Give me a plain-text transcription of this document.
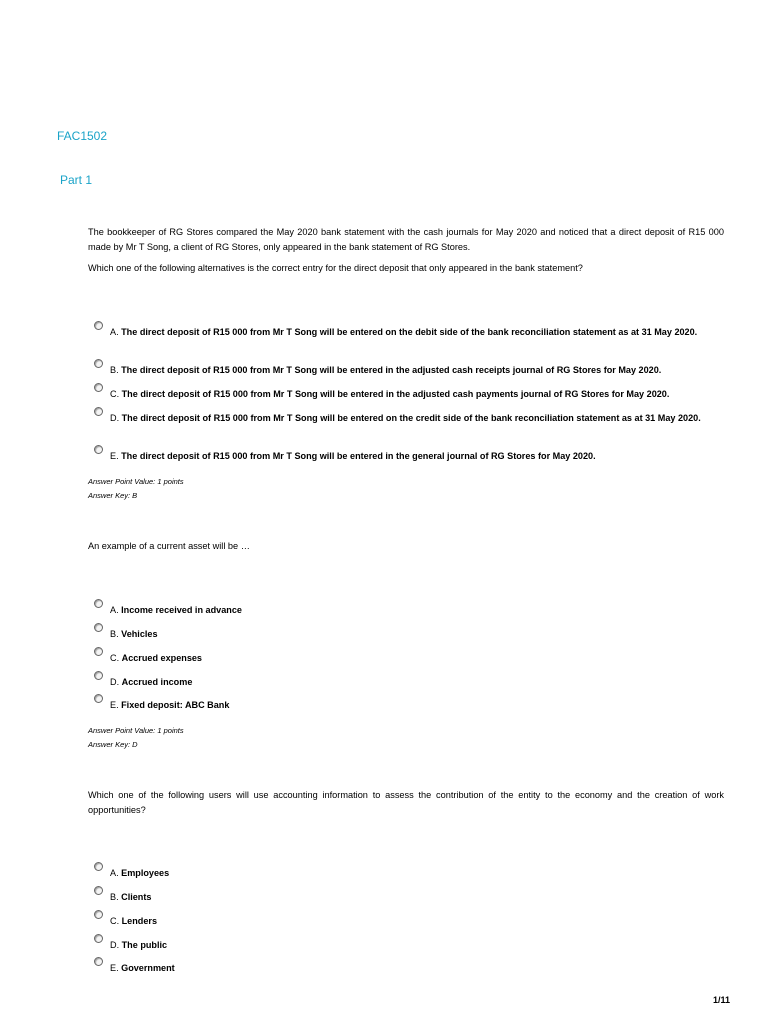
FAC1502
Part 1

The bookkeeper of RG Stores compared the May 2020 bank statement with the cash journals for May 2020 and noticed that a direct deposit of R15 000 made by Mr T Song, a client of RG Stores, only appeared in the bank statement of RG Stores.

Which one of the following alternatives is the correct entry for the direct deposit that only appeared in the bank statement?

A. The direct deposit of R15 000 from Mr T Song will be entered on the debit side of the bank reconciliation statement as at 31 May 2020.
B. The direct deposit of R15 000 from Mr T Song will be entered in the adjusted cash receipts journal of RG Stores for May 2020.
C. The direct deposit of R15 000 from Mr T Song will be entered in the adjusted cash payments journal of RG Stores for May 2020.
D. The direct deposit of R15 000 from Mr T Song will be entered on the credit side of the bank reconciliation statement as at 31 May 2020.
E. The direct deposit of R15 000 from Mr T Song will be entered in the general journal of RG Stores for May 2020.
Answer Point Value: 1 points
Answer Key: B

An example of a current asset will be …

A. Income received in advance
B. Vehicles
C. Accrued expenses
D. Accrued income
E. Fixed deposit: ABC Bank
Answer Point Value: 1 points
Answer Key: D

Which one of the following users will use accounting information to assess the contribution of the entity to the economy and the creation of work opportunities?

A. Employees
B. Clients
C. Lenders
D. The public
E. Government
1/11
